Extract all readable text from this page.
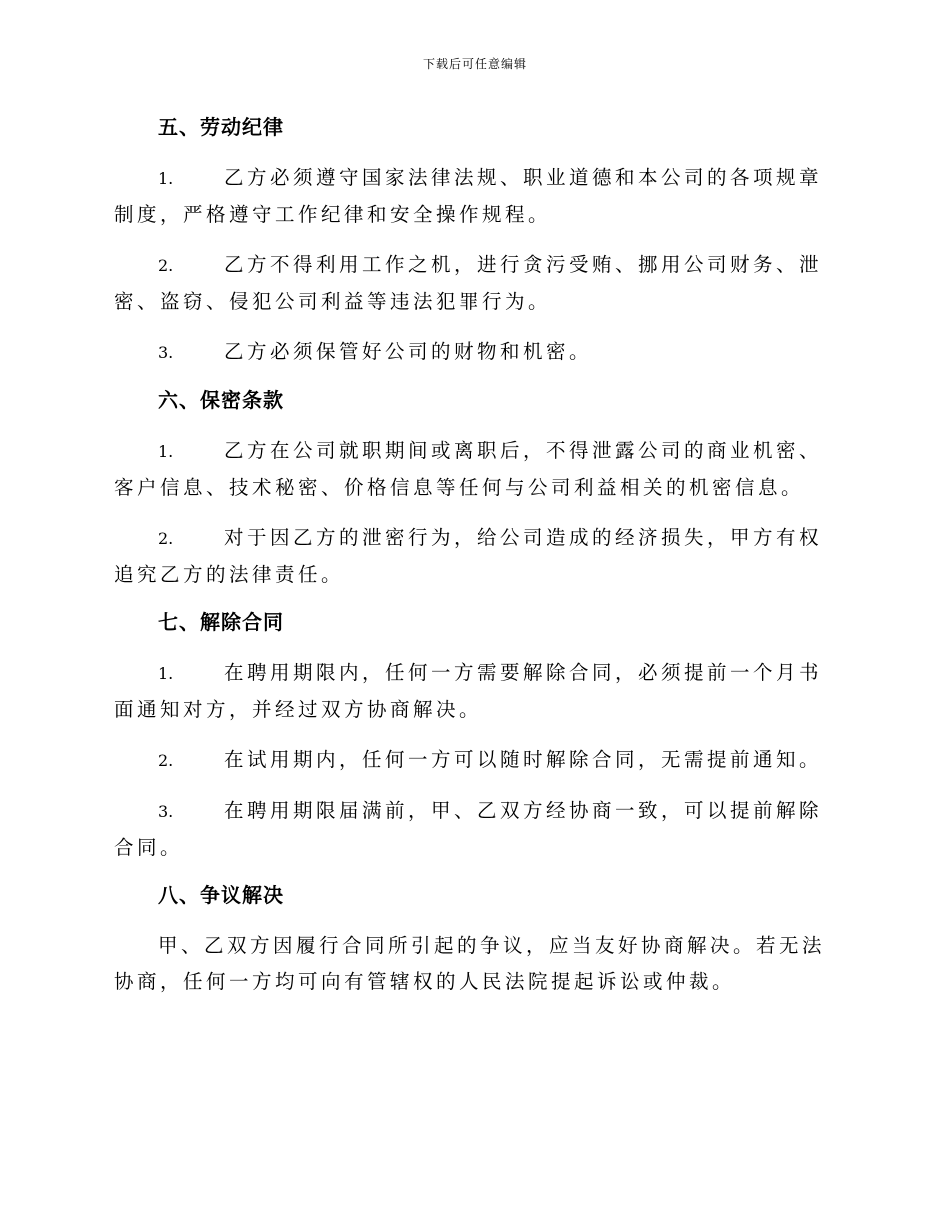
下载后可任意编辑
五、劳动纪律
1.	乙方必须遵守国家法律法规、职业道德和本公司的各项规章制度，严格遵守工作纪律和安全操作规程。
2.	乙方不得利用工作之机，进行贪污受贿、挪用公司财务、泄密、盗窃、侵犯公司利益等违法犯罪行为。
3.	乙方必须保管好公司的财物和机密。
六、保密条款
1.	乙方在公司就职期间或离职后，不得泄露公司的商业机密、客户信息、技术秘密、价格信息等任何与公司利益相关的机密信息。
2.	对于因乙方的泄密行为，给公司造成的经济损失，甲方有权追究乙方的法律责任。
七、解除合同
1.	在聘用期限内，任何一方需要解除合同，必须提前一个月书面通知对方，并经过双方协商解决。
2.	在试用期内，任何一方可以随时解除合同，无需提前通知。
3.	在聘用期限届满前，甲、乙双方经协商一致，可以提前解除合同。
八、争议解决

甲、乙双方因履行合同所引起的争议，应当友好协商解决。若无法协商，任何一方均可向有管辖权的人民法院提起诉讼或仲裁。
